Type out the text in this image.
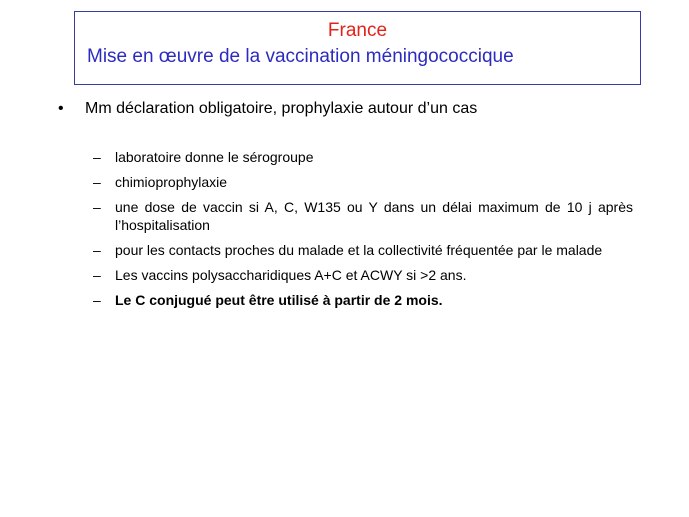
France
Mise en œuvre de la vaccination méningococcique
• Mm déclaration obligatoire, prophylaxie autour d’un cas
– laboratoire donne le sérogroupe
– chimioprophylaxie
– une dose de vaccin si A, C, W135 ou Y dans un délai maximum de 10 j après l’hospitalisation
– pour les contacts proches du malade et la collectivité fréquentée par le malade
– Les vaccins polysaccharidiques A+C et ACWY si >2 ans.
– Le C conjugué peut être utilisé à partir de 2 mois.
